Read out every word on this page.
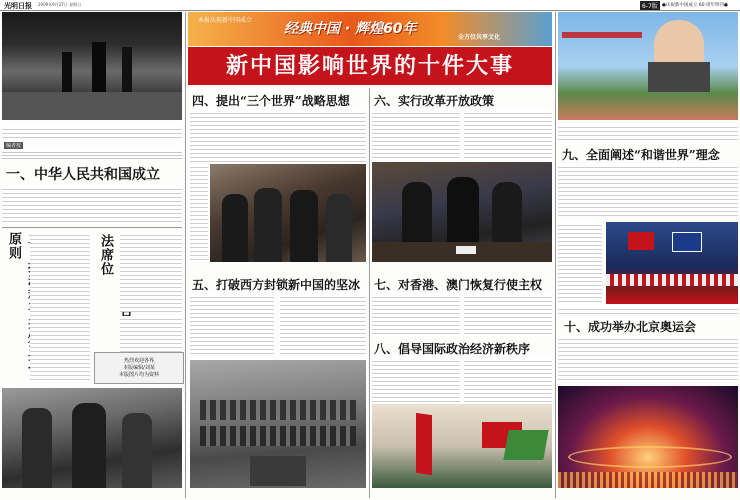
光明日报 2009年9月27日 星期日	6-7版 ●庆祝新中国成立 60 周年特刊●

编者按
一、中华人民共和国成立
原则
法席位
热烈欢迎各界
本版编辑/刘某
本版图片均为资料

本报庆祝新中国成立
经典中国 · 辉煌60年
全方位共享文化
新中国影响世界的十件大事
四、提出“三个世界”战略思想
五、打破西方封锁新中国的坚冰

六、实行改革开放政策
七、对香港、澳门恢复行使主权
八、倡导国际政治经济新秩序

九、全面阐述“和谐世界”理念
十、成功举办北京奥运会
